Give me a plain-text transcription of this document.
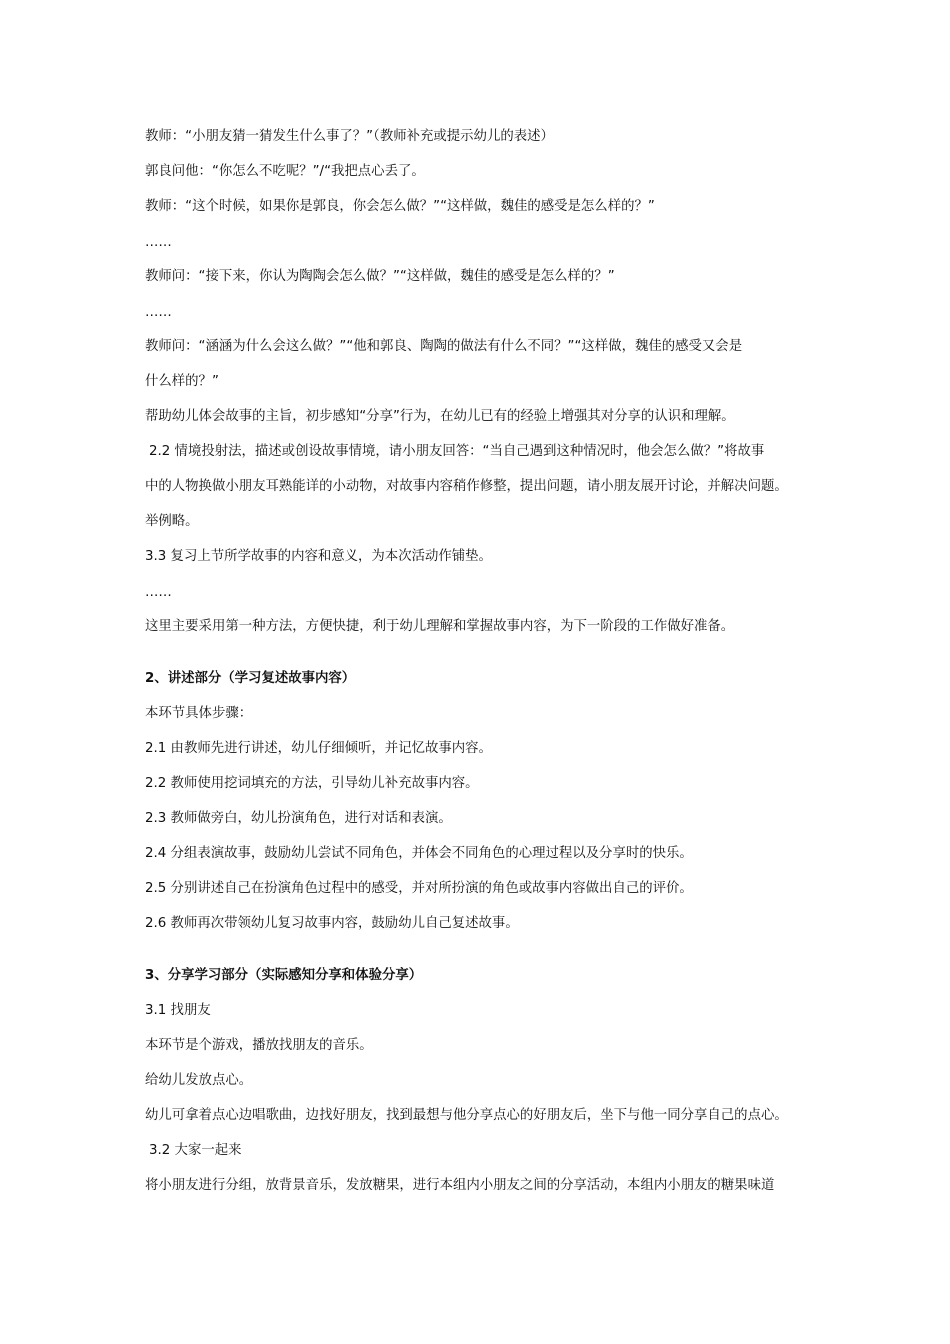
教师：“小朋友猜一猜发生什么事了？”（教师补充或提示幼儿的表述）
郭良问他：“你怎么不吃呢？”/“我把点心丢了。
教师：“这个时候，如果你是郭良，你会怎么做？”“这样做，魏佳的感受是怎么样的？”
……
教师问：“接下来，你认为陶陶会怎么做？”“这样做，魏佳的感受是怎么样的？”
……
教师问：“涵涵为什么会这么做？”“他和郭良、陶陶的做法有什么不同？”“这样做，魏佳的感受又会是
什么样的？”
帮助幼儿体会故事的主旨，初步感知“分享”行为，在幼儿已有的经验上增强其对分享的认识和理解。
2.2 情境投射法，描述或创设故事情境，请小朋友回答：“当自己遇到这种情况时，他会怎么做？”将故事
中的人物换做小朋友耳熟能详的小动物，对故事内容稍作修整，提出问题，请小朋友展开讨论，并解决问题。
举例略。
3.3 复习上节所学故事的内容和意义，为本次活动作铺垫。
……
这里主要采用第一种方法，方便快捷，利于幼儿理解和掌握故事内容，为下一阶段的工作做好准备。
2、讲述部分（学习复述故事内容）
本环节具体步骤：
2.1 由教师先进行讲述，幼儿仔细倾听，并记忆故事内容。
2.2 教师使用挖词填充的方法，引导幼儿补充故事内容。
2.3 教师做旁白，幼儿扮演角色，进行对话和表演。
2.4 分组表演故事，鼓励幼儿尝试不同角色，并体会不同角色的心理过程以及分享时的快乐。
2.5 分别讲述自己在扮演角色过程中的感受，并对所扮演的角色或故事内容做出自己的评价。
2.6 教师再次带领幼儿复习故事内容，鼓励幼儿自己复述故事。
3、分享学习部分（实际感知分享和体验分享）
3.1 找朋友
本环节是个游戏，播放找朋友的音乐。
给幼儿发放点心。
幼儿可拿着点心边唱歌曲，边找好朋友，找到最想与他分享点心的好朋友后，坐下与他一同分享自己的点心。
3.2 大家一起来
将小朋友进行分组，放背景音乐，发放糖果，进行本组内小朋友之间的分享活动，本组内小朋友的糖果味道
